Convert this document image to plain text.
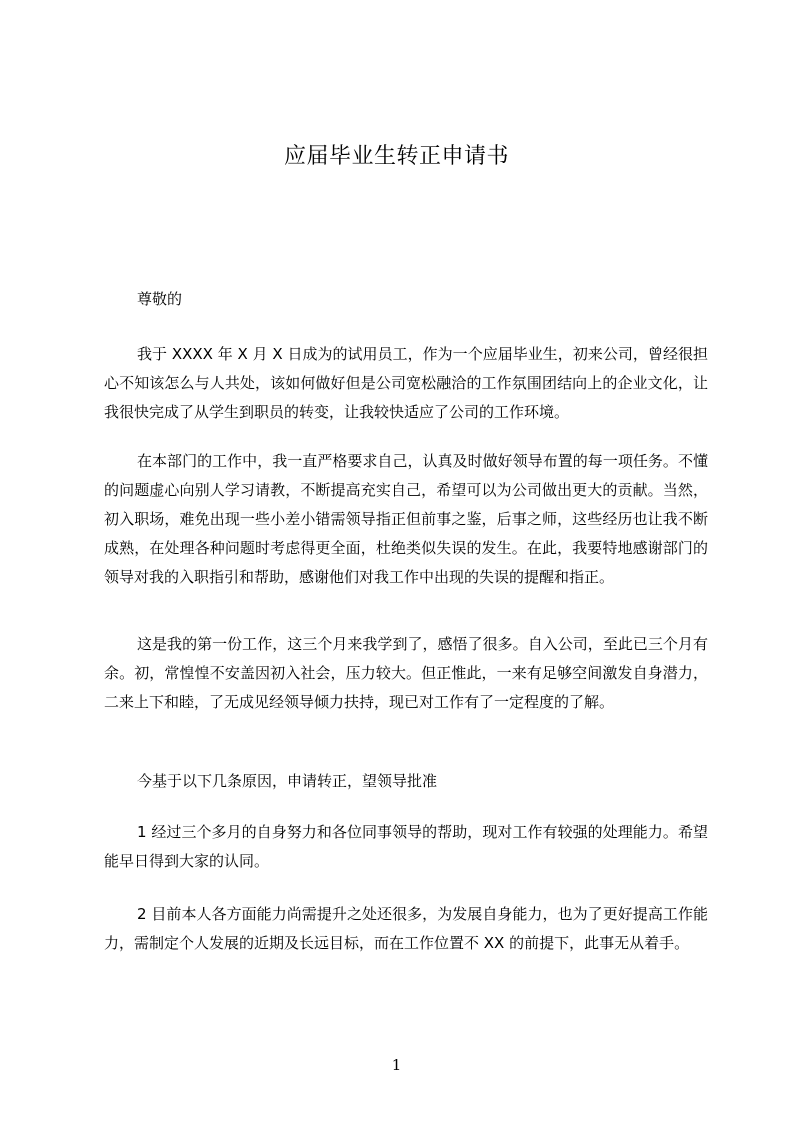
应届毕业生转正申请书
尊敬的
我于 XXXX 年 X 月 X 日成为的试用员工，作为一个应届毕业生，初来公司，曾经很担心不知该怎么与人共处，该如何做好但是公司宽松融洽的工作氛围团结向上的企业文化，让我很快完成了从学生到职员的转变，让我较快适应了公司的工作环境。
在本部门的工作中，我一直严格要求自己，认真及时做好领导布置的每一项任务。不懂的问题虚心向别人学习请教，不断提高充实自己，希望可以为公司做出更大的贡献。当然，初入职场，难免出现一些小差小错需领导指正但前事之鉴，后事之师，这些经历也让我不断成熟，在处理各种问题时考虑得更全面，杜绝类似失误的发生。在此，我要特地感谢部门的领导对我的入职指引和帮助，感谢他们对我工作中出现的失误的提醒和指正。
这是我的第一份工作，这三个月来我学到了，感悟了很多。自入公司，至此已三个月有余。初，常惶惶不安盖因初入社会，压力较大。但正惟此，一来有足够空间激发自身潜力，二来上下和睦，了无成见经领导倾力扶持，现已对工作有了一定程度的了解。
今基于以下几条原因，申请转正，望领导批准
1 经过三个多月的自身努力和各位同事领导的帮助，现对工作有较强的处理能力。希望能早日得到大家的认同。
2 目前本人各方面能力尚需提升之处还很多，为发展自身能力，也为了更好提高工作能力，需制定个人发展的近期及长远目标，而在工作位置不 XX 的前提下，此事无从着手。
1
